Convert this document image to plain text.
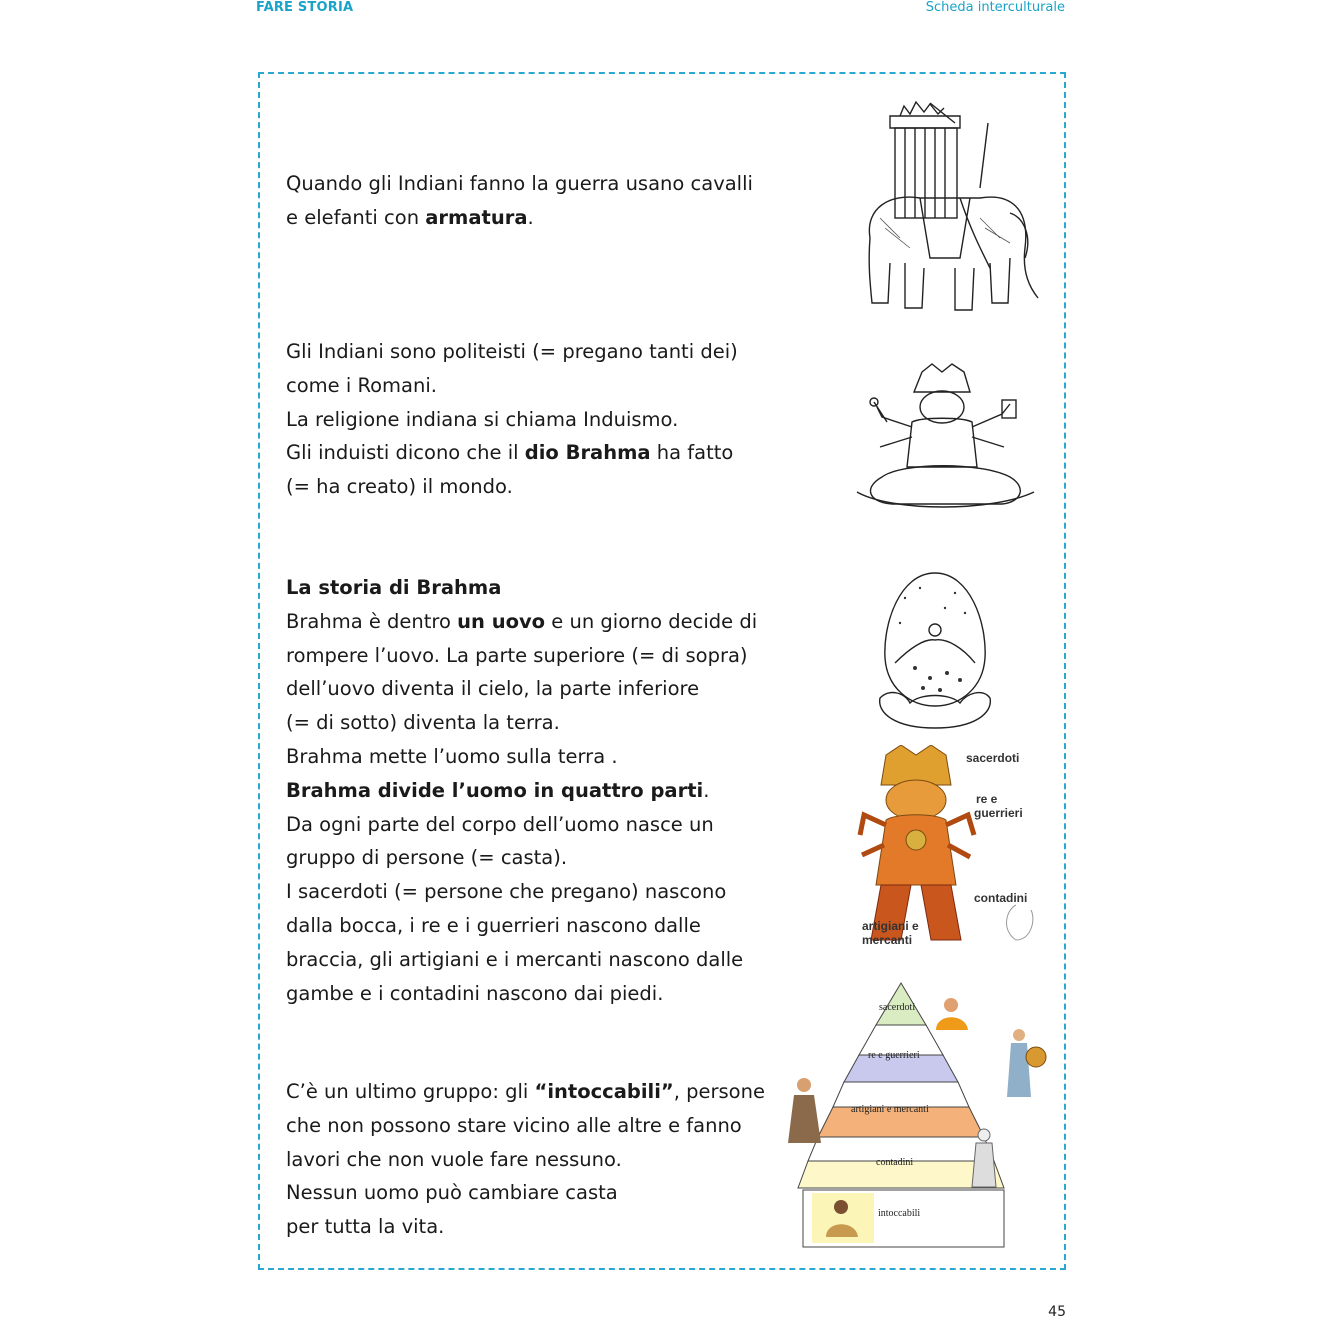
FARE STORIA	Scheda interculturale

Quando gli Indiani fanno la guerra usano cavalli

e elefanti con armatura.

Gli Indiani sono politeisti (= pregano tanti dei)

come i Romani.

La religione indiana si chiama Induismo.

Gli induisti dicono che il dio Brahma ha fatto

(= ha creato) il mondo.

La storia di Brahma

Brahma è dentro un uovo e un giorno decide di

rompere l’uovo. La parte superiore (= di sopra)

dell’uovo diventa il cielo, la parte inferiore

(= di sotto) diventa la terra.

Brahma mette l’uomo sulla terra .

Brahma divide l’uomo in quattro parti.

Da ogni parte del corpo dell’uomo nasce un

gruppo di persone (= casta).

I sacerdoti (= persone che pregano) nascono

dalla bocca, i re e i guerrieri nascono dalle

braccia, gli artigiani e i mercanti nascono dalle

gambe e i contadini nascono dai piedi.

C’è un ultimo gruppo: gli “intoccabili”, persone

che non possono stare vicino alle altre e fanno

lavori che non vuole fare nessuno.

Nessun uomo può cambiare casta

per tutta la vita.

sacerdoti
re e
guerrieri
contadini
artigiani e
mercanti
sacerdoti
re e guerrieri
artigiani e mercanti
contadini
intoccabili
45
